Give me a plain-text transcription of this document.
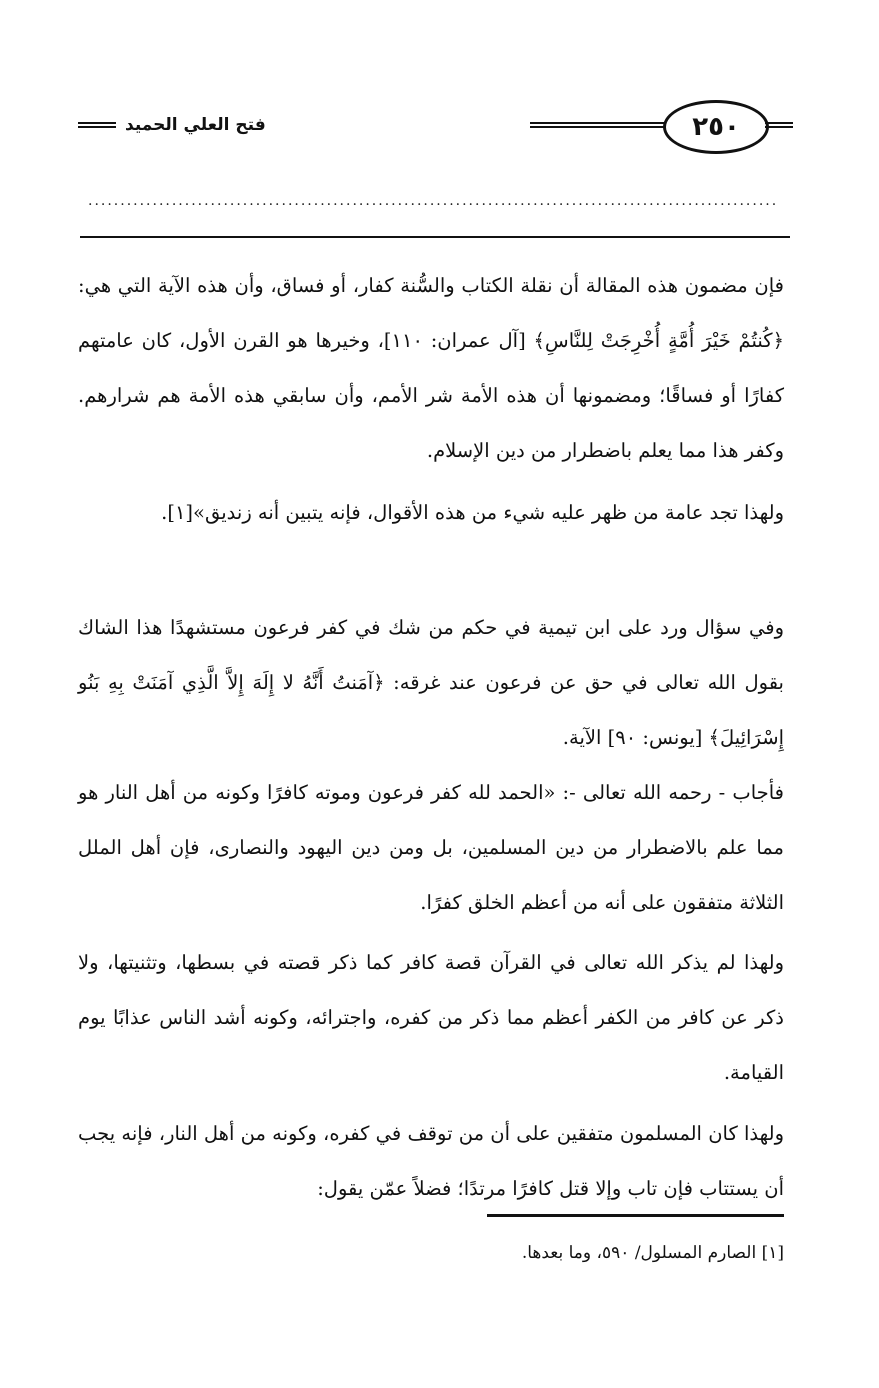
فتح العلي الحميد	٢٥٠
...........................................................................................................
فإن مضمون هذه المقالة أن نقلة الكتاب والسُّنة كفار، أو فساق، وأن هذه الآية التي هي: ﴿كُنتُمْ خَيْرَ أُمَّةٍ أُخْرِجَتْ لِلنَّاسِ﴾ [آل عمران: ١١٠]، وخيرها هو القرن الأول، كان عامتهم كفارًا أو فساقًا؛ ومضمونها أن هذه الأمة شر الأمم، وأن سابقي هذه الأمة هم شرارهم. وكفر هذا مما يعلم باضطرار من دين الإسلام.
ولهذا تجد عامة من ظهر عليه شيء من هذه الأقوال، فإنه يتبين أنه زنديق»[١].
وفي سؤال ورد على ابن تيمية في حكم من شك في كفر فرعون مستشهدًا هذا الشاك بقول الله تعالى في حق عن فرعون عند غرقه: ﴿آمَنتُ أَنَّهُ لا إِلَهَ إِلاَّ الَّذِي آمَنَتْ بِهِ بَنُو إِسْرَائِيلَ﴾ [يونس: ٩٠] الآية.
فأجاب - رحمه الله تعالى -: «الحمد لله كفر فرعون وموته كافرًا وكونه من أهل النار هو مما علم بالاضطرار من دين المسلمين، بل ومن دين اليهود والنصارى، فإن أهل الملل الثلاثة متفقون على أنه من أعظم الخلق كفرًا.
ولهذا لم يذكر الله تعالى في القرآن قصة كافر كما ذكر قصته في بسطها، وتثنيتها، ولا ذكر عن كافر من الكفر أعظم مما ذكر من كفره، واجترائه، وكونه أشد الناس عذابًا يوم القيامة.
ولهذا كان المسلمون متفقين على أن من توقف في كفره، وكونه من أهل النار، فإنه يجب أن يستتاب فإن تاب وإلا قتل كافرًا مرتدًا؛ فضلاً عمّن يقول:
[١] الصارم المسلول/ ٥٩٠، وما بعدها.
